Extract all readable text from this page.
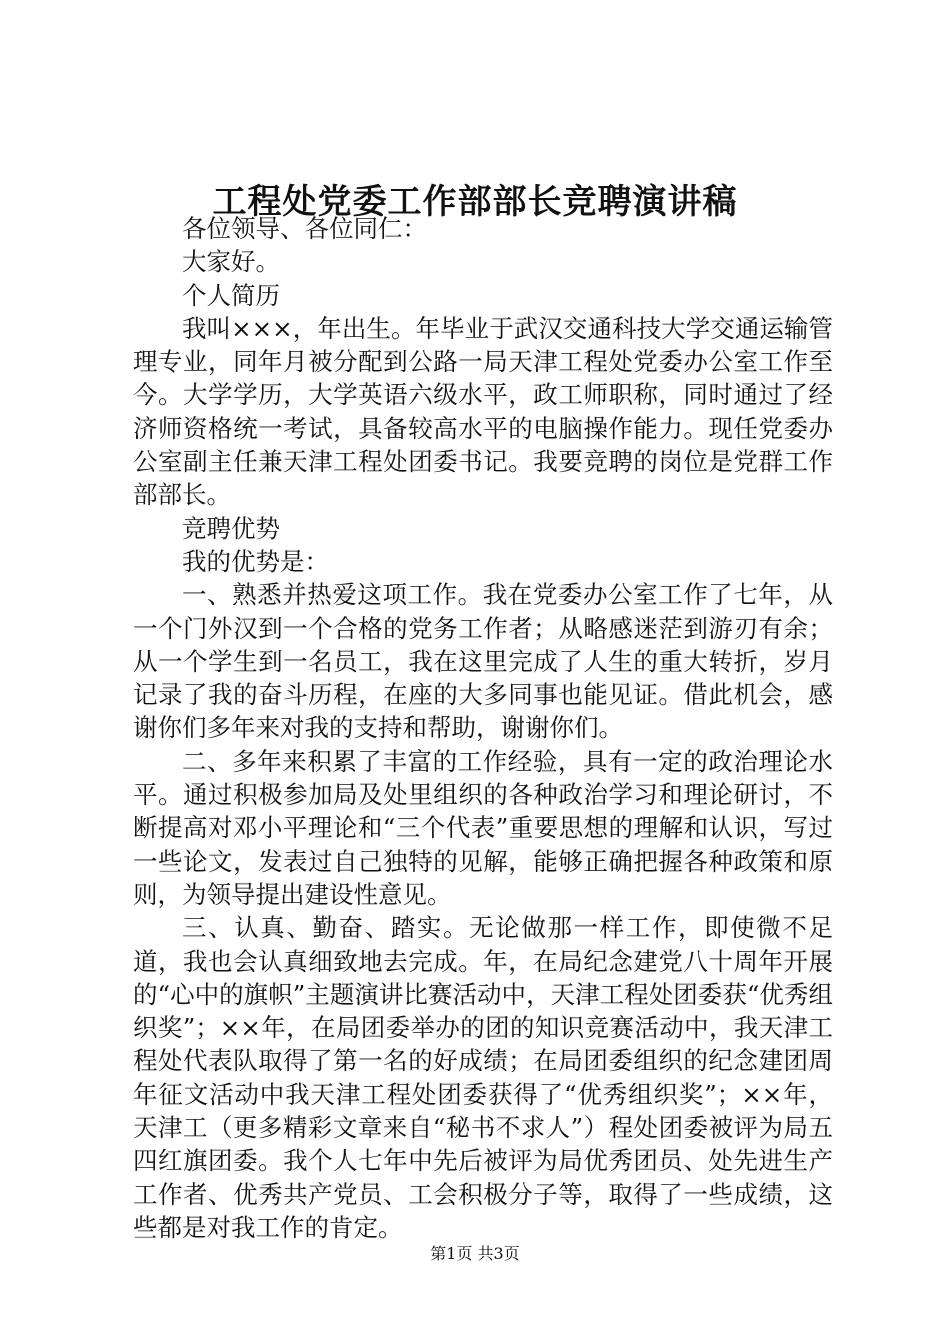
工程处党委工作部部长竞聘演讲稿

各位领导、各位同仁：

大家好。

个人简历

我叫×××，年出生。年毕业于武汉交通科技大学交通运输管理专业，同年月被分配到公路一局天津工程处党委办公室工作至今。大学学历，大学英语六级水平，政工师职称，同时通过了经济师资格统一考试，具备较高水平的电脑操作能力。现任党委办公室副主任兼天津工程处团委书记。我要竞聘的岗位是党群工作部部长。

竞聘优势

我的优势是：

一、熟悉并热爱这项工作。我在党委办公室工作了七年，从一个门外汉到一个合格的党务工作者；从略感迷茫到游刃有余；从一个学生到一名员工，我在这里完成了人生的重大转折，岁月记录了我的奋斗历程，在座的大多同事也能见证。借此机会，感谢你们多年来对我的支持和帮助，谢谢你们。

二、多年来积累了丰富的工作经验，具有一定的政治理论水平。通过积极参加局及处里组织的各种政治学习和理论研讨，不断提高对邓小平理论和“三个代表”重要思想的理解和认识，写过一些论文，发表过自己独特的见解，能够正确把握各种政策和原则，为领导提出建设性意见。

三、认真、勤奋、踏实。无论做那一样工作，即使微不足道，我也会认真细致地去完成。年，在局纪念建党八十周年开展的“心中的旗帜”主题演讲比赛活动中，天津工程处团委获“优秀组织奖”；××年，在局团委举办的团的知识竞赛活动中，我天津工程处代表队取得了第一名的好成绩；在局团委组织的纪念建团周年征文活动中我天津工程处团委获得了“优秀组织奖”；××年，天津工（更多精彩文章来自“秘书不求人”）程处团委被评为局五四红旗团委。我个人七年中先后被评为局优秀团员、处先进生产工作者、优秀共产党员、工会积极分子等，取得了一些成绩，这些都是对我工作的肯定。

第1页 共3页
